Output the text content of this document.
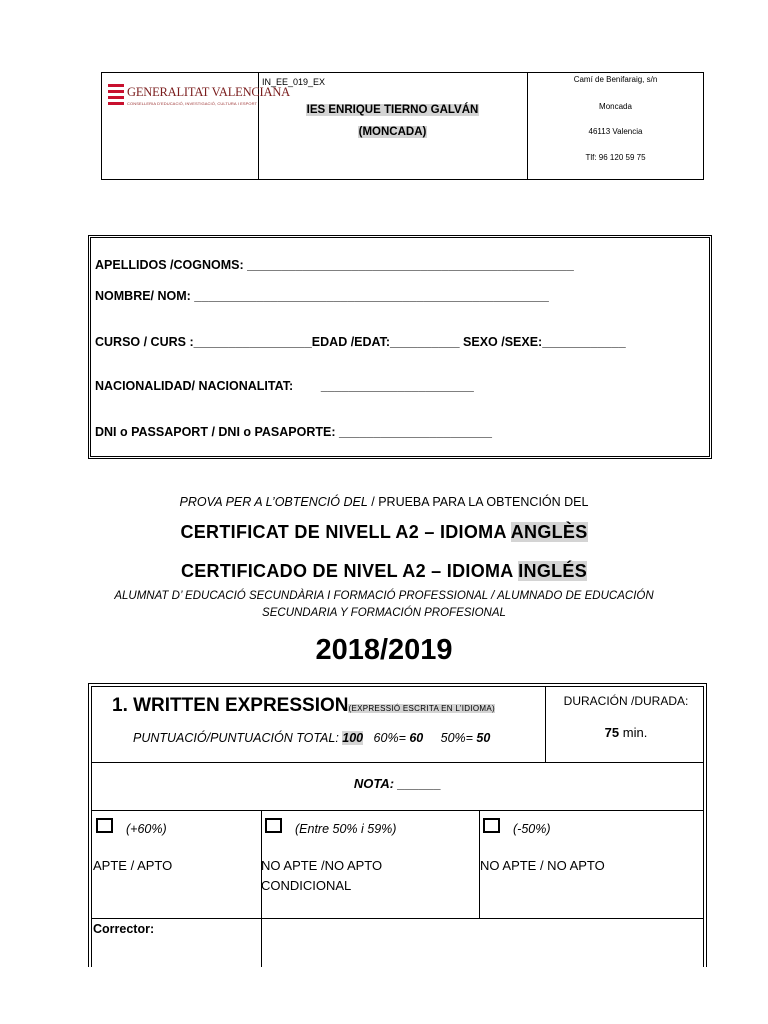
GENERALITAT VALENCIANA
CONSELLERIA D'EDUCACIÓ, INVESTIGACIÓ, CULTURA I ESPORT
IN_EE_019_EX
IES ENRIQUE TIERNO GALVÁN
(MONCADA)
Camí de Benifaraig, s/n
Moncada
46113 Valencia
Tlf: 96 120 59 75
APELLIDOS /COGNOMS: _______________________________________________
NOMBRE/ NOM: ___________________________________________________
CURSO / CURS :_________________EDAD /EDAT:__________ SEXO /SEXE:____________
NACIONALIDAD/ NACIONALITAT:        ______________________
DNI o PASSAPORT / DNI o PASAPORTE: ______________________
PROVA PER A L’OBTENCIÓ DEL / PRUEBA PARA LA OBTENCIÓN DEL
CERTIFICAT DE NIVELL A2 – IDIOMA ANGLÈS
CERTIFICADO DE NIVEL A2 – IDIOMA INGLÉS
ALUMNAT D’ EDUCACIÓ SECUNDÀRIA I FORMACIÓ PROFESSIONAL / ALUMNADO DE EDUCACIÓN
SECUNDARIA Y FORMACIÓN PROFESIONAL
2018/2019
1. WRITTEN EXPRESSION(EXPRESSIÓ ESCRITA EN L’IDIOMA)
PUNTUACIÓ/PUNTUACIÓN TOTAL: 100   60%= 60     50%= 50
DURACIÓN /DURADA:
75 min.
NOTA: ______
(+60%)
APTE / APTO
(Entre 50% i 59%)
NO APTE /NO APTO
CONDICIONAL
(-50%)
NO APTE / NO APTO
Corrector:
